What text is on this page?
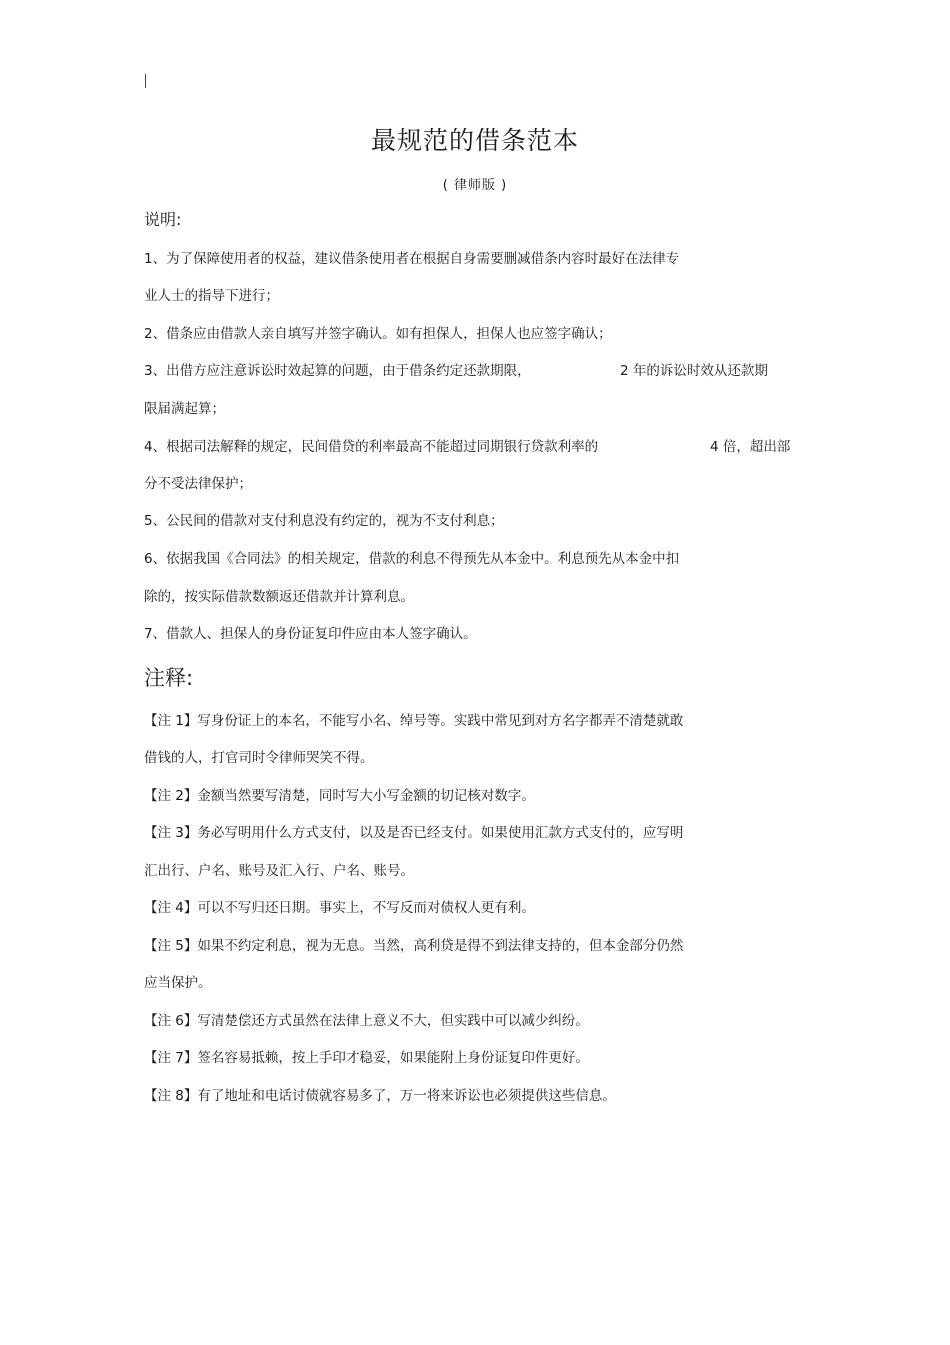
最规范的借条范本
( 律师版 )
说明:
1、为了保障使用者的权益，建议借条使用者在根据自身需要删减借条内容时最好在法律专
业人士的指导下进行；
2、借条应由借款人亲自填写并签字确认。如有担保人，担保人也应签字确认；
3、出借方应注意诉讼时效起算的问题，由于借条约定还款期限，	2 年的诉讼时效从还款期
限届满起算；
4、根据司法解释的规定，民间借贷的利率最高不能超过同期银行贷款利率的	4 倍，超出部
分不受法律保护；
5、公民间的借款对支付利息没有约定的，视为不支付利息；
6、依据我国《合同法》的相关规定，借款的利息不得预先从本金中。利息预先从本金中扣
除的，按实际借款数额返还借款并计算利息。
7、借款人、担保人的身份证复印件应由本人签字确认。
注释:
【注 1】写身份证上的本名，不能写小名、绰号等。实践中常见到对方名字都弄不清楚就敢
借钱的人，打官司时令律师哭笑不得。
【注 2】金额当然要写清楚，同时写大小写金额的切记核对数字。
【注 3】务必写明用什么方式支付，以及是否已经支付。如果使用汇款方式支付的，应写明
汇出行、户名、账号及汇入行、户名、账号。
【注 4】可以不写归还日期。事实上，不写反而对债权人更有利。
【注 5】如果不约定利息，视为无息。当然，高利贷是得不到法律支持的，但本金部分仍然
应当保护。
【注 6】写清楚偿还方式虽然在法律上意义不大，但实践中可以减少纠纷。
【注 7】签名容易抵赖，按上手印才稳妥，如果能附上身份证复印件更好。
【注 8】有了地址和电话讨债就容易多了，万一将来诉讼也必须提供这些信息。
